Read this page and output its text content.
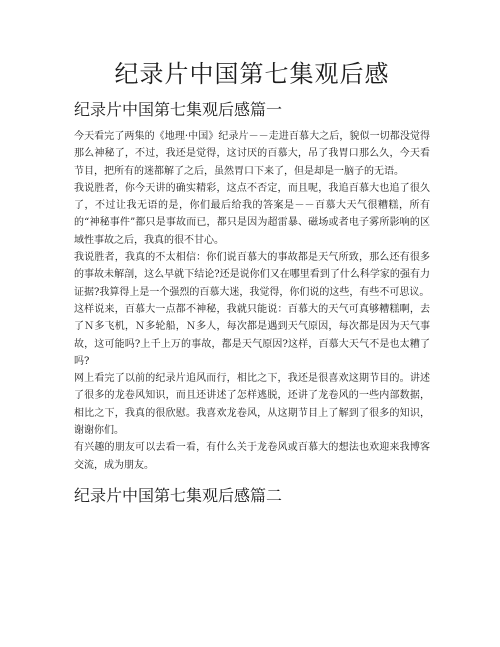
纪录片中国第七集观后感
纪录片中国第七集观后感篇一

今天看完了两集的《地理·中国》纪录片－－走进百慕大之后，貌似一切都没觉得那么神秘了，不过，我还是觉得，这讨厌的百慕大，吊了我胃口那么久，今天看节目，把所有的迷都解了之后，虽然胃口下来了，但是却是一脑子的无语。

我说胜者，你今天讲的确实精彩，这点不否定，而且呢，我追百慕大也追了很久了，不过让我无语的是，你们最后给我的答案是－－百慕大天气很糟糕，所有的“神秘事件”都只是事故而已，都只是因为超雷暴、磁场或者电子雾所影响的区域性事故之后，我真的很不甘心。

我说胜者，我真的不太相信：你们说百慕大的事故都是天气所致，那么还有很多的事故未解剖，这么早就下结论?还是说你们又在哪里看到了什么科学家的强有力证据?我算得上是一个强烈的百慕大迷，我觉得，你们说的这些，有些不可思议。

这样说来，百慕大一点都不神秘，我就只能说：百慕大的天气可真够糟糕啊，去了Ｎ多飞机，Ｎ多轮船，Ｎ多人，每次都是遇到天气原因，每次都是因为天气事故，这可能吗?上千上万的事故，都是天气原因?这样，百慕大天气不是也太糟了吗?

网上看完了以前的纪录片追风而行，相比之下，我还是很喜欢这期节目的。讲述了很多的龙卷风知识，而且还讲述了怎样逃脱，还讲了龙卷风的一些内部数据，相比之下，我真的很欣慰。我喜欢龙卷风，从这期节目上了解到了很多的知识，谢谢你们。

有兴趣的朋友可以去看一看，有什么关于龙卷风或百慕大的想法也欢迎来我博客交流，成为朋友。

纪录片中国第七集观后感篇二
